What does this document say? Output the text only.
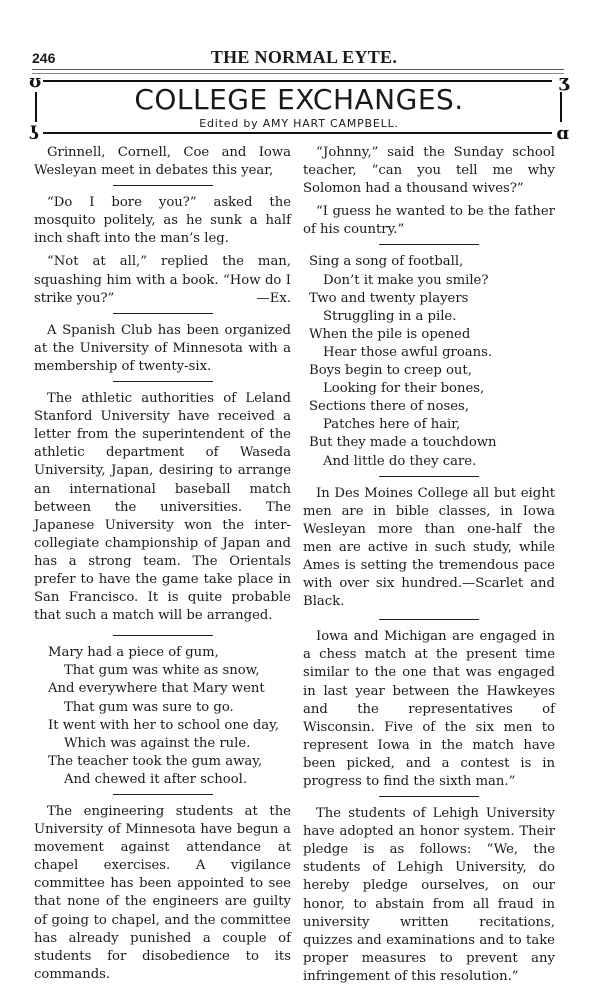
246	THE NORMAL EYTE.
ʊ
ʖ
ʒ
ɑ
COLLEGE EXCHANGES.
Edited by AMY HART CAMPBELL.

Grinnell, Cornell, Coe and Iowa Wesleyan meet in debates this year,

“Do I bore you?” asked the mosquito politely, as he sunk a half inch shaft into the man’s leg.

“Not at all,” replied the man, squashing him with a book. “How do I strike you?”	—Ex.

A Spanish Club has been organized at the University of Minnesota with a membership of twenty-six.

The athletic authorities of Leland Stanford University have received a letter from the superintendent of the athletic department of Waseda University, Japan, desiring to arrange an international baseball match between the universities. The Japanese University won the inter-collegiate championship of Japan and has a strong team. The Orientals prefer to have the game take place in San Francisco. It is quite probable that such a match will be arranged.

Mary had a piece of gum,
That gum was white as snow,
And everywhere that Mary went
That gum was sure to go.
It went with her to school one day,
Which was against the rule.
The teacher took the gum away,
And chewed it after school.

The engineering students at the University of Minnesota have begun a movement against attendance at chapel exercises. A vigilance committee has been appointed to see that none of the engineers are guilty of going to chapel, and the committee has already punished a couple of students for disobedience to its commands.

“Johnny,” said the Sunday school teacher, “can you tell me why Solomon had a thousand wives?”

“I guess he wanted to be the father of his country.”

Sing a song of football,
Don’t it make you smile?
Two and twenty players
Struggling in a pile.
When the pile is opened
Hear those awful groans.
Boys begin to creep out,
Looking for their bones,
Sections there of noses,
Patches here of hair,
But they made a touchdown
And little do they care.

In Des Moines College all but eight men are in bible classes, in Iowa Wesleyan more than one-half the men are active in such study, while Ames is setting the tremendous pace with over six hundred.—Scarlet and Black.

Iowa and Michigan are engaged in a chess match at the present time similar to the one that was engaged in last year between the Hawkeyes and the representatives of Wisconsin. Five of the six men to represent Iowa in the match have been picked, and a contest is in progress to find the sixth man.”

The students of Lehigh University have adopted an honor system. Their pledge is as follows: “We, the students of Lehigh University, do hereby pledge ourselves, on our honor, to abstain from all fraud in university written recitations, quizzes and examinations and to take proper measures to prevent any infringement of this resolution.”
